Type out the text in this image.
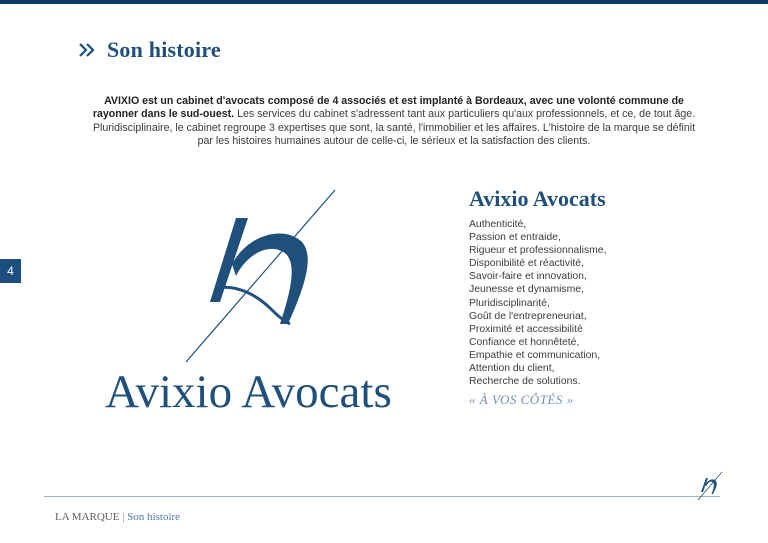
Son histoire

AVIXIO est un cabinet d'avocats composé de 4 associés et est implanté à Bordeaux, avec une volonté commune de rayonner dans le sud-ouest. Les services du cabinet s'adressent tant aux particuliers qu'aux professionnels, et ce, de tout âge. Pluridisciplinaire, le cabinet regroupe 3 expertises que sont, la santé, l'immobilier et les affaires. L'histoire de la marque se définit par les histoires humaines autour de celle-ci, le sérieux et la satisfaction des clients.

4
Avixio Avocats
Avixio Avocats
Authenticité,
Passion et entraide,
Rigueur et professionnalisme,
Disponibilité et réactivité,
Savoir-faire et innovation,
Jeunesse et dynamisme,
Pluridisciplinarité,
Goût de l'entrepreneuriat,
Proximité et accessibilité
Confiance et honnêteté,
Empathie et communication,
Attention du client,
Recherche de solutions.
« À VOS CÔTÉS »
LA MARQUE | Son histoire
